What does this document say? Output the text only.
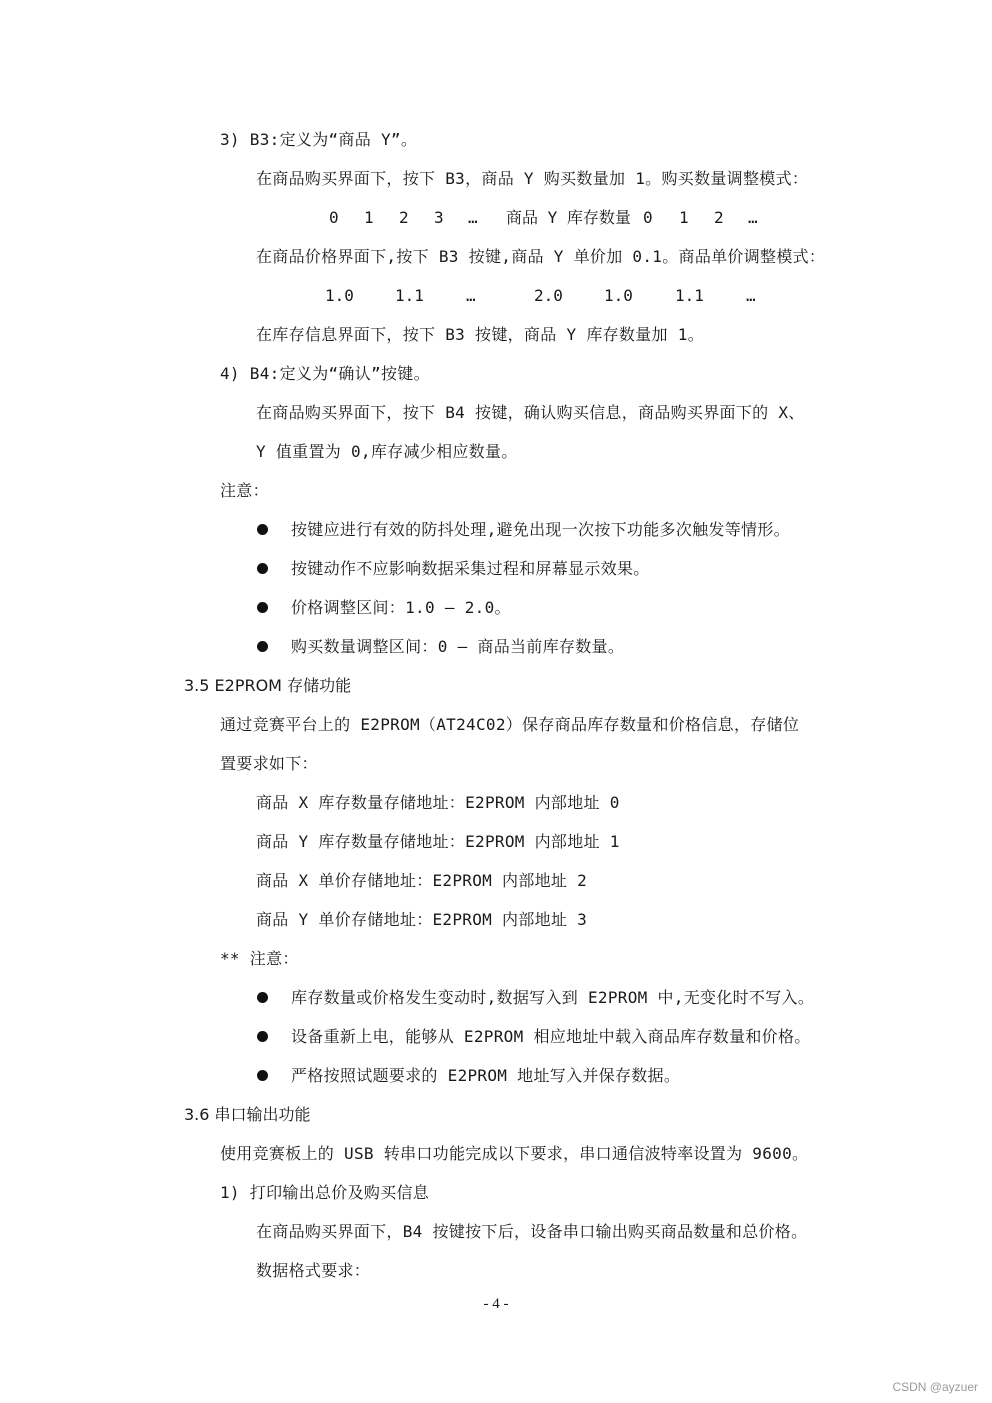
3) B3:定义为“商品 Y”。
在商品购买界面下，按下 B3，商品 Y 购买数量加 1。购买数量调整模式：
0 1 2 3 … 商品 Y 库存数量 0 1 2 …
在商品价格界面下,按下 B3 按键,商品 Y 单价加 0.1。商品单价调整模式：
1.0	1.1	…	2.0	1.0	1.1	…
在库存信息界面下，按下 B3 按键，商品 Y 库存数量加 1。
4) B4:定义为“确认”按键。
在商品购买界面下，按下 B4 按键，确认购买信息，商品购买界面下的 X、
Y 值重置为 0,库存减少相应数量。
注意：
按键应进行有效的防抖处理,避免出现一次按下功能多次触发等情形。
按键动作不应影响数据采集过程和屏幕显示效果。
价格调整区间：1.0 – 2.0。
购买数量调整区间：0 – 商品当前库存数量。
3.5 E2PROM 存储功能
通过竞赛平台上的 E2PROM（AT24C02）保存商品库存数量和价格信息，存储位
置要求如下：
商品 X 库存数量存储地址：E2PROM 内部地址 0
商品 Y 库存数量存储地址：E2PROM 内部地址 1
商品 X 单价存储地址：E2PROM 内部地址 2
商品 Y 单价存储地址：E2PROM 内部地址 3
** 注意：
库存数量或价格发生变动时,数据写入到 E2PROM 中,无变化时不写入。
设备重新上电，能够从 E2PROM 相应地址中载入商品库存数量和价格。
严格按照试题要求的 E2PROM 地址写入并保存数据。
3.6 串口输出功能
使用竞赛板上的 USB 转串口功能完成以下要求，串口通信波特率设置为 9600。
1) 打印输出总价及购买信息
在商品购买界面下，B4 按键按下后，设备串口输出购买商品数量和总价格。
数据格式要求：
- 4 -
CSDN @ayzuer
